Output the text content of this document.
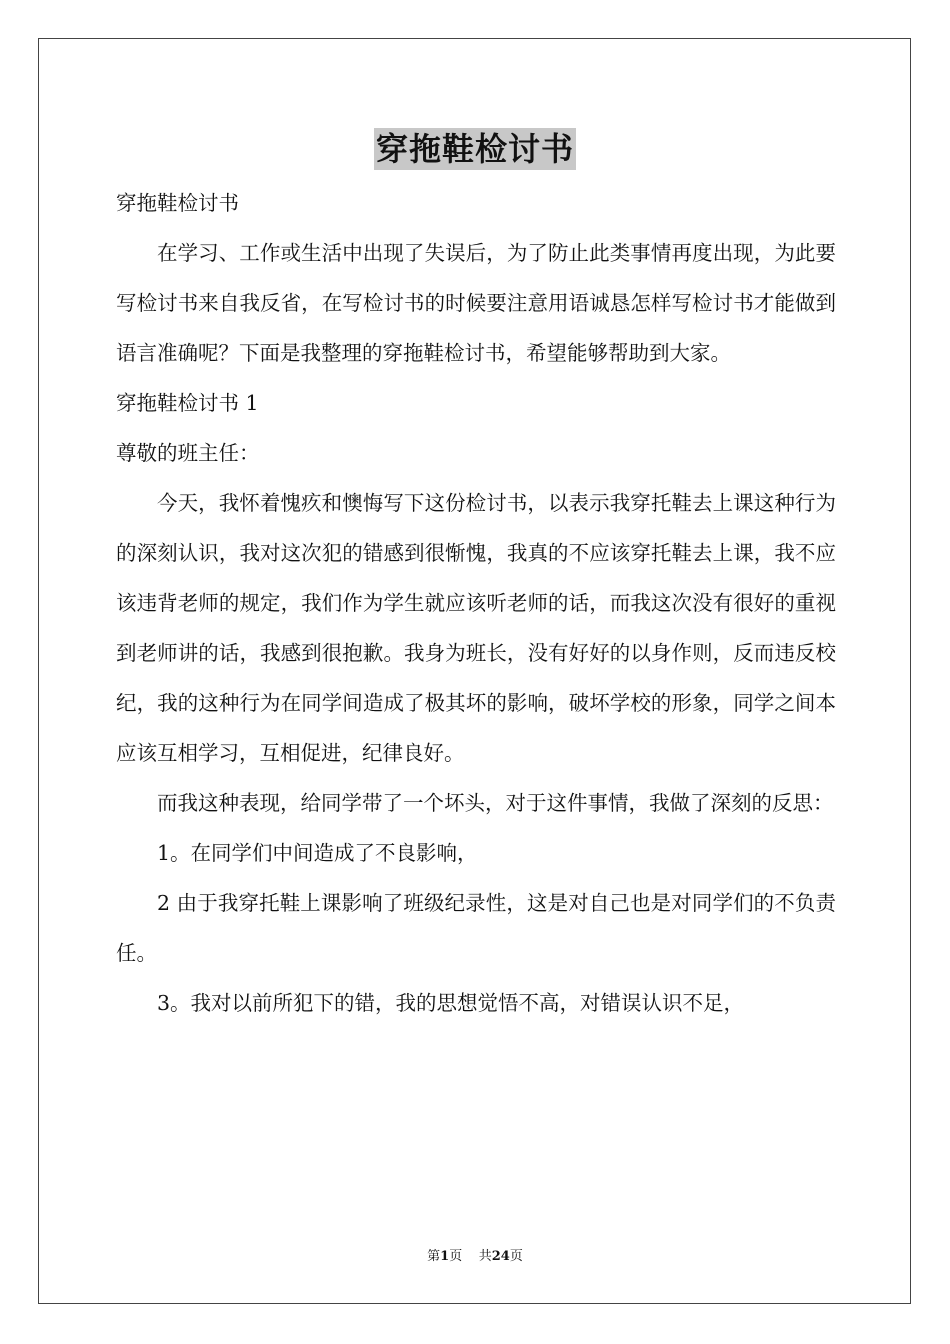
穿拖鞋检讨书

穿拖鞋检讨书

在学习、工作或生活中出现了失误后，为了防止此类事情再度出现，为此要写检讨书来自我反省，在写检讨书的时候要注意用语诚恳怎样写检讨书才能做到语言准确呢？下面是我整理的穿拖鞋检讨书，希望能够帮助到大家。

穿拖鞋检讨书 1

尊敬的班主任：

今天，我怀着愧疚和懊悔写下这份检讨书，以表示我穿托鞋去上课这种行为的深刻认识，我对这次犯的错感到很惭愧，我真的不应该穿托鞋去上课，我不应该违背老师的规定，我们作为学生就应该听老师的话，而我这次没有很好的重视到老师讲的话，我感到很抱歉。我身为班长，没有好好的以身作则，反而违反校纪，我的这种行为在同学间造成了极其坏的影响，破坏学校的形象，同学之间本应该互相学习，互相促进，纪律良好。

而我这种表现，给同学带了一个坏头，对于这件事情，我做了深刻的反思：

1。在同学们中间造成了不良影响，

2 由于我穿托鞋上课影响了班级纪录性，这是对自己也是对同学们的不负责任。

3。我对以前所犯下的错，我的思想觉悟不高，对错误认识不足，

第1页 共24页
